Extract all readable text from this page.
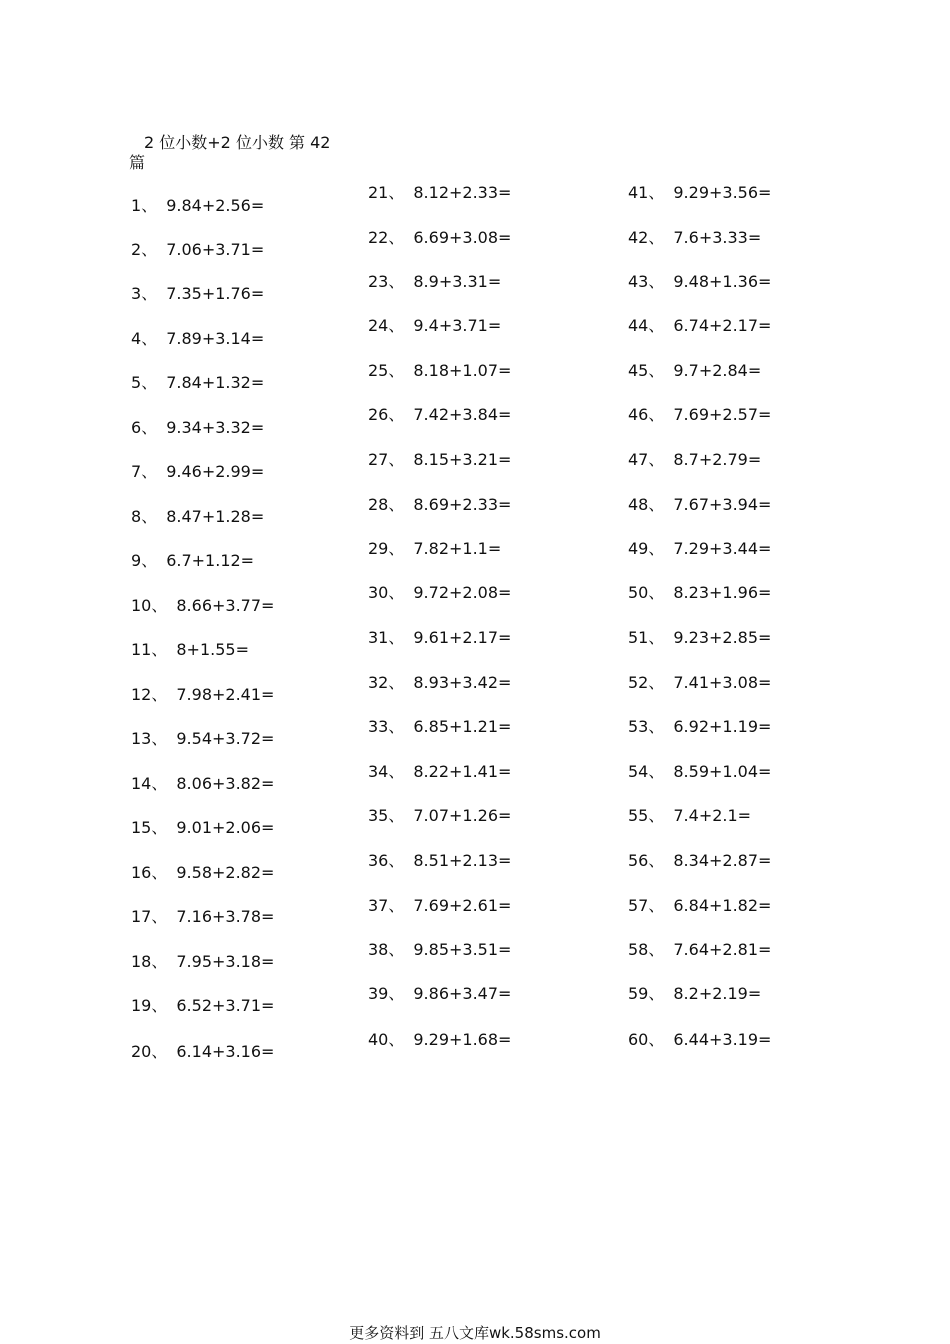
2 位小数+2 位小数 第 42 篇
1、 9.84+2.56=
2、 7.06+3.71=
3、 7.35+1.76=
4、 7.89+3.14=
5、 7.84+1.32=
6、 9.34+3.32=
7、 9.46+2.99=
8、 8.47+1.28=
9、 6.7+1.12=
10、 8.66+3.77=
11、 8+1.55=
12、 7.98+2.41=
13、 9.54+3.72=
14、 8.06+3.82=
15、 9.01+2.06=
16、 9.58+2.82=
17、 7.16+3.78=
18、 7.95+3.18=
19、 6.52+3.71=
20、 6.14+3.16=
21、 8.12+2.33=
22、 6.69+3.08=
23、 8.9+3.31=
24、 9.4+3.71=
25、 8.18+1.07=
26、 7.42+3.84=
27、 8.15+3.21=
28、 8.69+2.33=
29、 7.82+1.1=
30、 9.72+2.08=
31、 9.61+2.17=
32、 8.93+3.42=
33、 6.85+1.21=
34、 8.22+1.41=
35、 7.07+1.26=
36、 8.51+2.13=
37、 7.69+2.61=
38、 9.85+3.51=
39、 9.86+3.47=
40、 9.29+1.68=
41、 9.29+3.56=
42、 7.6+3.33=
43、 9.48+1.36=
44、 6.74+2.17=
45、 9.7+2.84=
46、 7.69+2.57=
47、 8.7+2.79=
48、 7.67+3.94=
49、 7.29+3.44=
50、 8.23+1.96=
51、 9.23+2.85=
52、 7.41+3.08=
53、 6.92+1.19=
54、 8.59+1.04=
55、 7.4+2.1=
56、 8.34+2.87=
57、 6.84+1.82=
58、 7.64+2.81=
59、 8.2+2.19=
60、 6.44+3.19=
更多资料到 五八文库wk.58sms.com
